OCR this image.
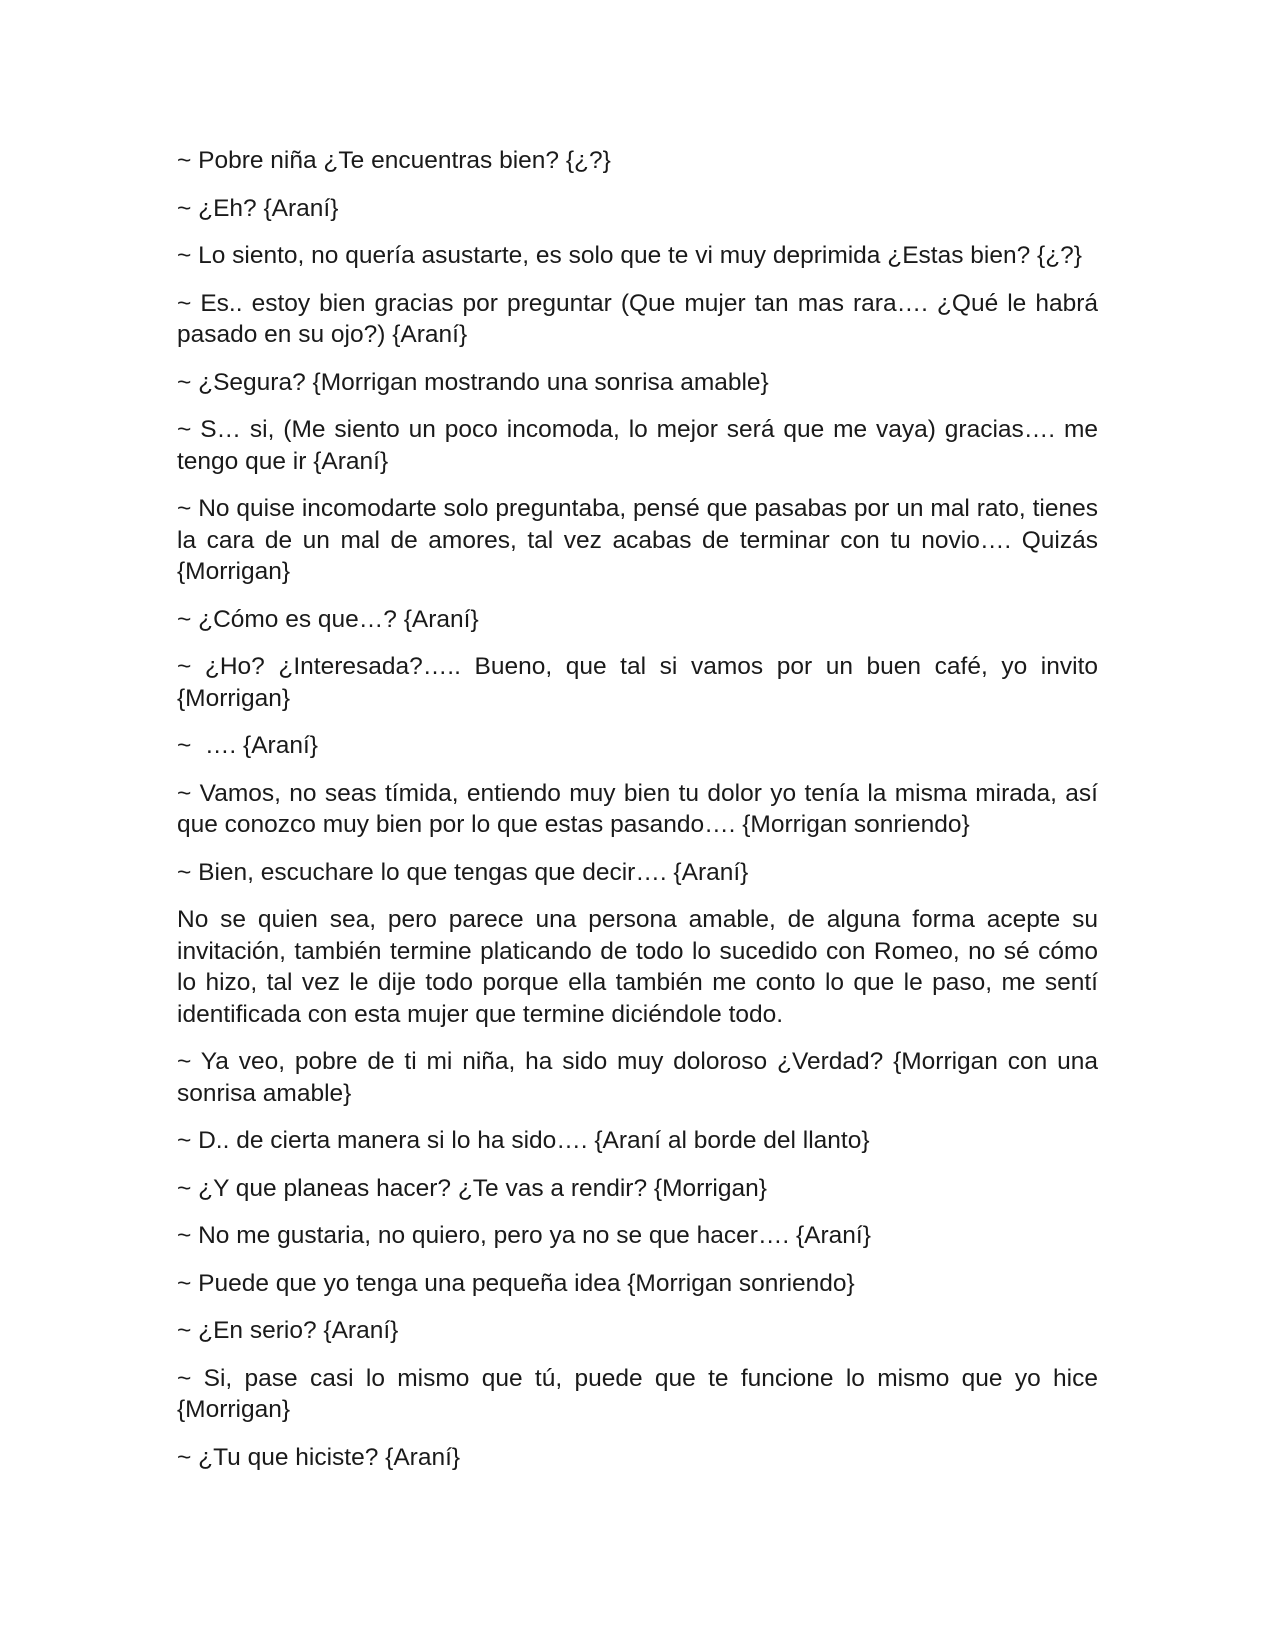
~ Pobre niña ¿Te encuentras bien? {¿?}

~ ¿Eh? {Araní}

~ Lo siento, no quería asustarte, es solo que te vi muy deprimida ¿Estas bien? {¿?}

~ Es.. estoy bien gracias por preguntar (Que mujer tan mas rara…. ¿Qué le habrá pasado en su ojo?) {Araní}

~ ¿Segura? {Morrigan mostrando una sonrisa amable}

~ S… si, (Me siento un poco incomoda, lo mejor será que me vaya) gracias…. me tengo que ir {Araní}

~ No quise incomodarte solo preguntaba, pensé que pasabas por un mal rato, tienes la cara de un mal de amores, tal vez acabas de terminar con tu novio…. Quizás {Morrigan}

~ ¿Cómo es que…? {Araní}

~ ¿Ho? ¿Interesada?….. Bueno, que tal si vamos por un buen café, yo invito {Morrigan}

~  …. {Araní}

~ Vamos, no seas tímida, entiendo muy bien tu dolor yo tenía la misma mirada, así que conozco muy bien por lo que estas pasando…. {Morrigan sonriendo}

~ Bien, escuchare lo que tengas que decir…. {Araní}

No se quien sea, pero parece una persona amable, de alguna forma acepte su invitación, también termine platicando de todo lo sucedido con Romeo, no sé cómo lo hizo, tal vez le dije todo porque ella también me conto lo que le paso, me sentí identificada con esta mujer que termine diciéndole todo.

~ Ya veo, pobre de ti mi niña, ha sido muy doloroso ¿Verdad? {Morrigan con una sonrisa amable}

~ D.. de cierta manera si lo ha sido…. {Araní al borde del llanto}

~ ¿Y que planeas hacer? ¿Te vas a rendir? {Morrigan}

~ No me gustaria, no quiero, pero ya no se que hacer…. {Araní}

~ Puede que yo tenga una pequeña idea {Morrigan sonriendo}

~ ¿En serio? {Araní}

~ Si, pase casi lo mismo que tú, puede que te funcione lo mismo que yo hice {Morrigan}

~ ¿Tu que hiciste? {Araní}
